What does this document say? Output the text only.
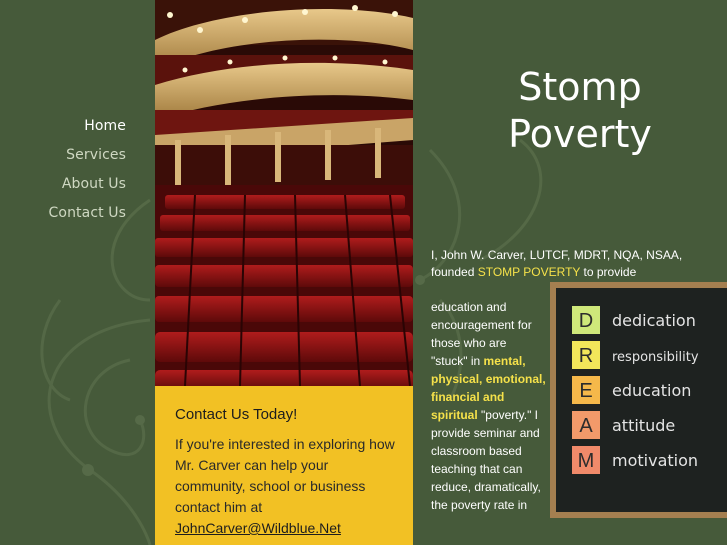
Home
Services
About Us
Contact Us
Contact Us Today!

If you're interested in exploring how Mr. Carver can help your community, school or business contact him at
JohnCarver@Wildblue.Net

Stomp
Poverty
I, John W. Carver, LUTCF, MDRT, NQA, NSAA, founded STOMP POVERTY to provide
education and encouragement for those who are "stuck" in mental, physical, emotional, financial and spiritual "poverty." I provide seminar and classroom based teaching that can reduce, dramatically, the poverty rate in
D dedication
R responsibility
E education
A attitude
M motivation
